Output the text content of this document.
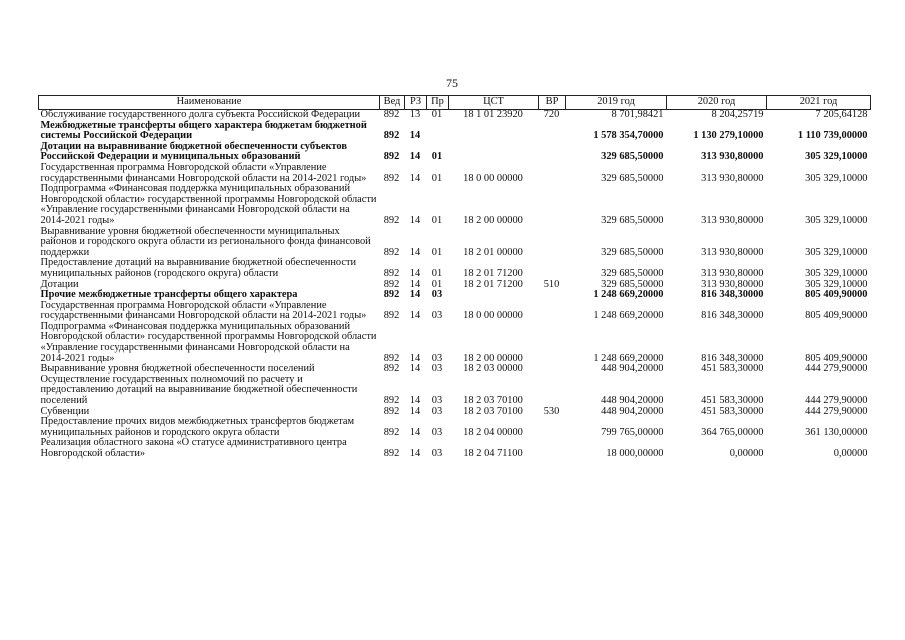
75
Наименование	Вед	РЗ	Пр	ЦСТ	ВР	2019 год	2020 год	2021 год
Обслуживание государственного долга субъекта Российской Федерации	892	13	01	18 1 01 23920	720	8 701,98421	8 204,25719	7 205,64128
Межбюджетные трансферты общего характера бюджетам бюджетной системы Российской Федерации	892	14				1 578 354,70000	1 130 279,10000	1 110 739,00000
Дотации на выравнивание бюджетной обеспеченности субъектов Российской Федерации и муниципальных образований	892	14	01			329 685,50000	313 930,80000	305 329,10000
Государственная программа Новгородской области «Управление государственными финансами Новгородской области на 2014-2021 годы»	892	14	01	18 0 00 00000		329 685,50000	313 930,80000	305 329,10000
Подпрограмма «Финансовая поддержка муниципальных образований Новгородской области» государственной программы Новгородской области «Управление государственными финансами Новгородской области на 2014-2021 годы»	892	14	01	18 2 00 00000		329 685,50000	313 930,80000	305 329,10000
Выравнивание уровня бюджетной обеспеченности муниципальных районов и городского округа области из регионального фонда финансовой поддержки	892	14	01	18 2 01 00000		329 685,50000	313 930,80000	305 329,10000
Предоставление дотаций на выравнивание бюджетной обеспеченности муниципальных районов (городского округа) области	892	14	01	18 2 01 71200		329 685,50000	313 930,80000	305 329,10000
Дотации	892	14	01	18 2 01 71200	510	329 685,50000	313 930,80000	305 329,10000
Прочие межбюджетные трансферты общего характера	892	14	03			1 248 669,20000	816 348,30000	805 409,90000
Государственная программа Новгородской области «Управление государственными финансами Новгородской области на 2014-2021 годы»	892	14	03	18 0 00 00000		1 248 669,20000	816 348,30000	805 409,90000
Подпрограмма «Финансовая поддержка муниципальных образований Новгородской области» государственной программы Новгородской области «Управление государственными финансами Новгородской области на 2014-2021 годы»	892	14	03	18 2 00 00000		1 248 669,20000	816 348,30000	805 409,90000
Выравнивание уровня бюджетной обеспеченности поселений	892	14	03	18 2 03 00000		448 904,20000	451 583,30000	444 279,90000
Осуществление государственных полномочий по расчету и предоставлению дотаций на выравнивание бюджетной обеспеченности поселений	892	14	03	18 2 03 70100		448 904,20000	451 583,30000	444 279,90000
Субвенции	892	14	03	18 2 03 70100	530	448 904,20000	451 583,30000	444 279,90000
Предоставление прочих видов межбюджетных трансфертов бюджетам муниципальных районов и городского округа области	892	14	03	18 2 04 00000		799 765,00000	364 765,00000	361 130,00000
Реализация областного закона «О статусе административного центра Новгородской области»	892	14	03	18 2 04 71100		18 000,00000	0,00000	0,00000
